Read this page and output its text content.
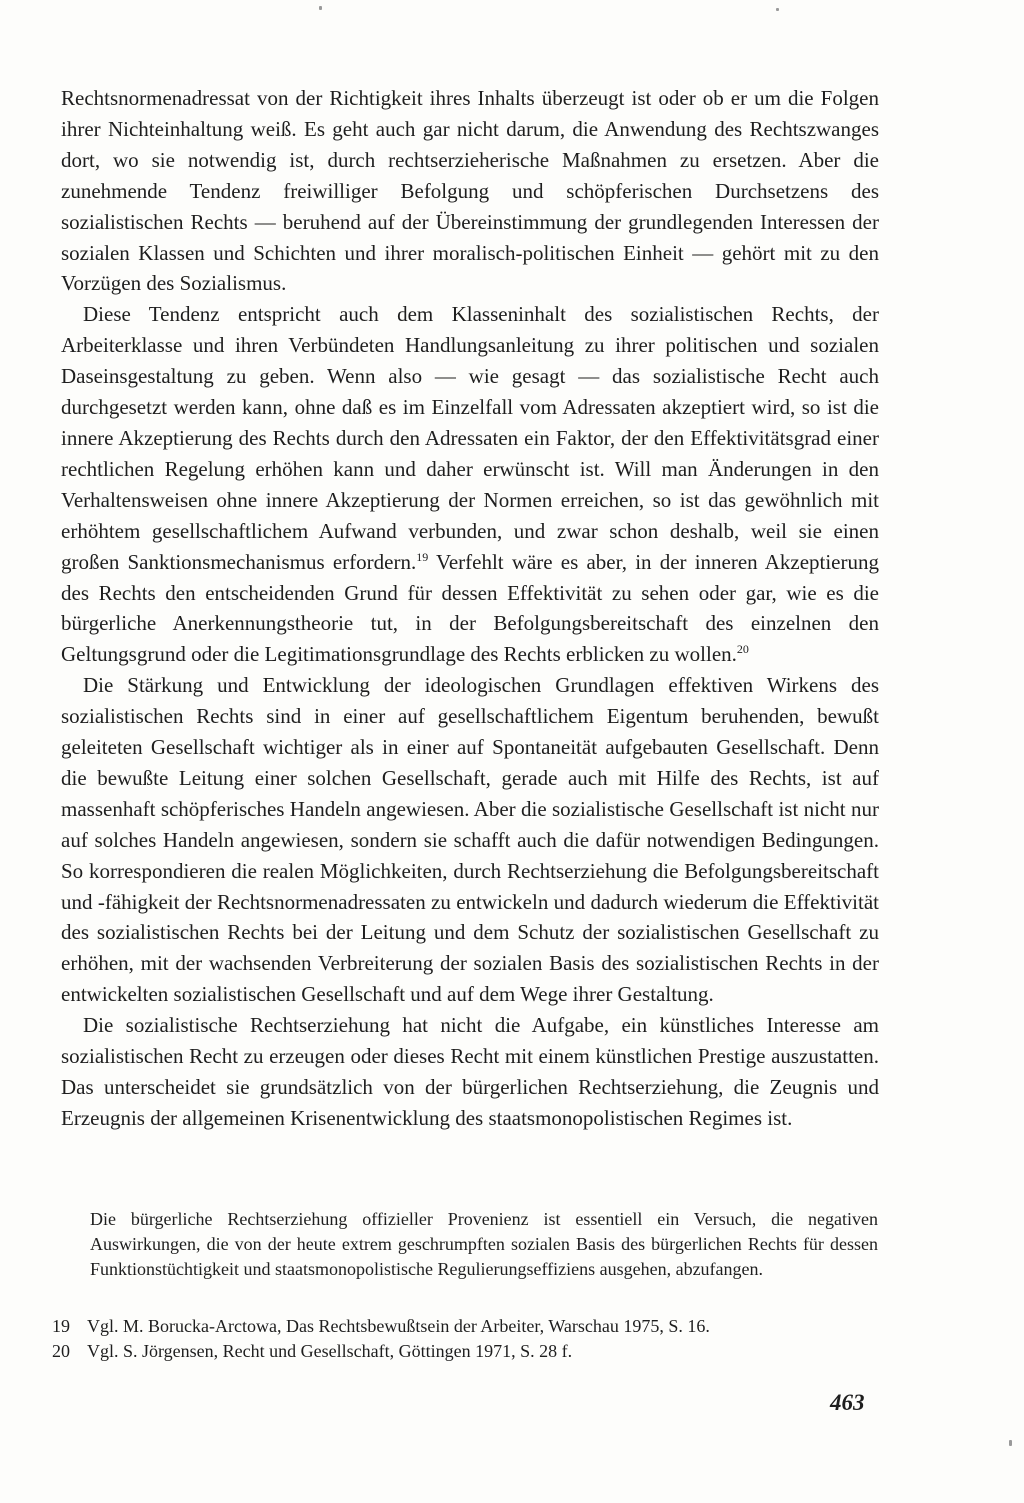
Rechtsnormenadressat von der Richtigkeit ihres Inhalts überzeugt ist oder ob er um die Folgen ihrer Nichteinhaltung weiß. Es geht auch gar nicht darum, die Anwendung des Rechtszwanges dort, wo sie notwendig ist, durch rechtserzieherische Maßnahmen zu ersetzen. Aber die zunehmende Tendenz freiwilliger Befolgung und schöpferischen Durchsetzens des sozialistischen Rechts — beruhend auf der Übereinstimmung der grundlegenden Interessen der sozialen Klassen und Schichten und ihrer moralisch-politischen Einheit — gehört mit zu den Vorzügen des Sozialismus.

Diese Tendenz entspricht auch dem Klasseninhalt des sozialistischen Rechts, der Arbeiterklasse und ihren Verbündeten Handlungsanleitung zu ihrer politischen und sozialen Daseinsgestaltung zu geben. Wenn also — wie gesagt — das sozialistische Recht auch durchgesetzt werden kann, ohne daß es im Einzelfall vom Adressaten akzeptiert wird, so ist die innere Akzeptierung des Rechts durch den Adressaten ein Faktor, der den Effektivitätsgrad einer rechtlichen Regelung erhöhen kann und daher erwünscht ist. Will man Änderungen in den Verhaltensweisen ohne innere Akzeptierung der Normen erreichen, so ist das gewöhnlich mit erhöhtem gesellschaftlichem Aufwand verbunden, und zwar schon deshalb, weil sie einen großen Sanktionsmechanismus erfordern.$^{19}$ Verfehlt wäre es aber, in der inneren Akzeptierung des Rechts den entscheidenden Grund für dessen Effektivität zu sehen oder gar, wie es die bürgerliche Anerkennungstheorie tut, in der Befolgungsbereitschaft des einzelnen den Geltungsgrund oder die Legitimationsgrundlage des Rechts erblicken zu wollen.$^{20}$

Die Stärkung und Entwicklung der ideologischen Grundlagen effektiven Wirkens des sozialistischen Rechts sind in einer auf gesellschaftlichem Eigentum beruhenden, bewußt geleiteten Gesellschaft wichtiger als in einer auf Spontaneität aufgebauten Gesellschaft. Denn die bewußte Leitung einer solchen Gesellschaft, gerade auch mit Hilfe des Rechts, ist auf massenhaft schöpferisches Handeln angewiesen. Aber die sozialistische Gesellschaft ist nicht nur auf solches Handeln angewiesen, sondern sie schafft auch die dafür notwendigen Bedingungen. So korrespondieren die realen Möglichkeiten, durch Rechtserziehung die Befolgungsbereitschaft und -fähigkeit der Rechtsnormenadressaten zu entwickeln und dadurch wiederum die Effektivität des sozialistischen Rechts bei der Leitung und dem Schutz der sozialistischen Gesellschaft zu erhöhen, mit der wachsenden Verbreiterung der sozialen Basis des sozialistischen Rechts in der entwickelten sozialistischen Gesellschaft und auf dem Wege ihrer Gestaltung.

Die sozialistische Rechtserziehung hat nicht die Aufgabe, ein künstliches Interesse am sozialistischen Recht zu erzeugen oder dieses Recht mit einem künstlichen Prestige auszustatten. Das unterscheidet sie grundsätzlich von der bürgerlichen Rechtserziehung, die Zeugnis und Erzeugnis der allgemeinen Krisenentwicklung des staatsmonopolistischen Regimes ist.

Die bürgerliche Rechtserziehung offizieller Provenienz ist essentiell ein Versuch, die negativen Auswirkungen, die von der heute extrem geschrumpften sozialen Basis des bürgerlichen Rechts für dessen Funktionstüchtigkeit und staatsmonopolistische Regulierungseffiziens ausgehen, abzufangen.

19 Vgl. M. Borucka-Arctowa, Das Rechtsbewußtsein der Arbeiter, Warschau 1975, S. 16.
20 Vgl. S. Jörgensen, Recht und Gesellschaft, Göttingen 1971, S. 28 f.
463
